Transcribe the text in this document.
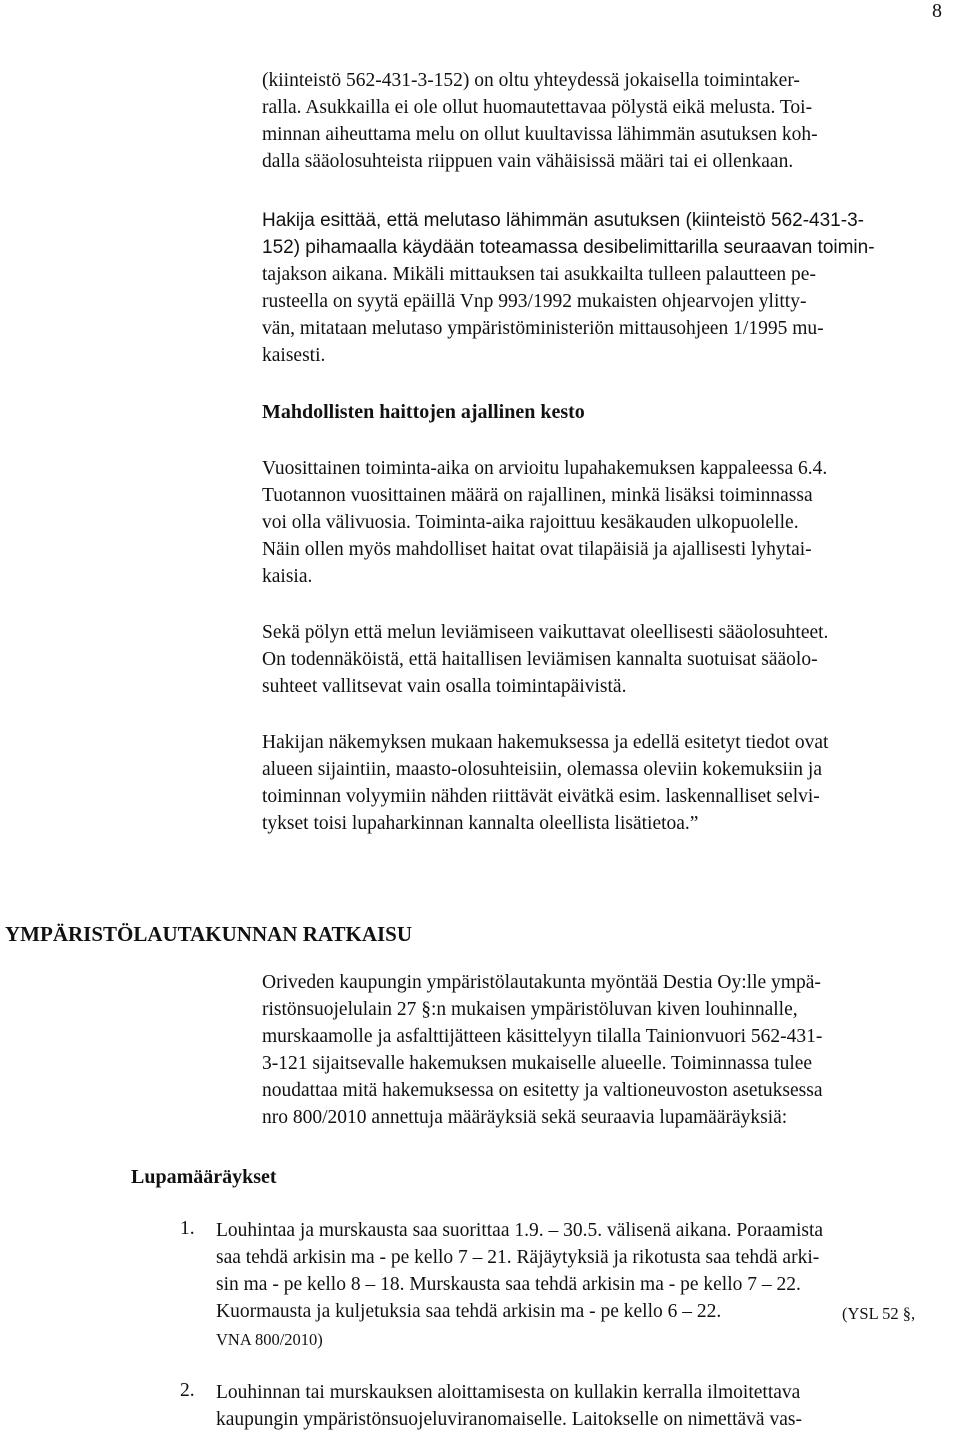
8
(kiinteistö 562-431-3-152) on oltu yhteydessä jokaisella toimintaker-
ralla. Asukkailla ei ole ollut huomautettavaa pölystä eikä melusta. Toi-
minnan aiheuttama melu on ollut kuultavissa lähimmän asutuksen koh-
dalla sääolosuhteista riippuen vain vähäisissä määri tai ei ollenkaan.
Hakija esittää, että melutaso lähimmän asutuksen (kiinteistö 562-431-3-
152) pihamaalla käydään toteamassa desibelimittarilla seuraavan toimin-
tajakson aikana. Mikäli mittauksen tai asukkailta tulleen palautteen pe-
rusteella on syytä epäillä Vnp 993/1992 mukaisten ohjearvojen ylitty-
vän, mitataan melutaso ympäristöministeriön mittausohjeen 1/1995 mu-
kaisesti.
Mahdollisten haittojen ajallinen kesto
Vuosittainen toiminta-aika on arvioitu lupahakemuksen kappaleessa 6.4.
Tuotannon vuosittainen määrä on rajallinen, minkä lisäksi toiminnassa
voi olla välivuosia. Toiminta-aika rajoittuu kesäkauden ulkopuolelle.
Näin ollen myös mahdolliset haitat ovat tilapäisiä ja ajallisesti lyhytai-
kaisia.
Sekä pölyn että melun leviämiseen vaikuttavat oleellisesti sääolosuhteet.
On todennäköistä, että haitallisen leviämisen kannalta suotuisat sääolo-
suhteet vallitsevat vain osalla toimintapäivistä.
Hakijan näkemyksen mukaan hakemuksessa ja edellä esitetyt tiedot ovat
alueen sijaintiin, maasto-olosuhteisiin, olemassa oleviin kokemuksiin ja
toiminnan volyymiin nähden riittävät eivätkä esim. laskennalliset selvi-
tykset toisi lupaharkinnan kannalta oleellista lisätietoa.”
YMPÄRISTÖLAUTAKUNNAN RATKAISU
Oriveden kaupungin ympäristölautakunta myöntää Destia Oy:lle ympä-
ristönsuojelulain 27 §:n mukaisen ympäristöluvan kiven louhinnalle,
murskaamolle ja asfalttijätteen käsittelyyn tilalla Tainionvuori 562-431-
3-121 sijaitsevalle hakemuksen mukaiselle alueelle. Toiminnassa tulee
noudattaa mitä hakemuksessa on esitetty ja valtioneuvoston asetuksessa
nro 800/2010 annettuja määräyksiä sekä seuraavia lupamääräyksiä:
Lupamääräykset
1. Louhintaa ja murskausta saa suorittaa 1.9. – 30.5. välisenä aikana. Poraamista
saa tehdä arkisin ma - pe kello 7 – 21. Räjäytyksiä ja rikotusta saa tehdä arki-
sin ma - pe kello 8 – 18. Murskausta saa tehdä arkisin ma - pe kello 7 – 22.
Kuormausta ja kuljetuksia saa tehdä arkisin ma - pe kello 6 – 22.	(YSL 52 §,
VNA 800/2010)
2. Louhinnan tai murskauksen aloittamisesta on kullakin kerralla ilmoitettava
kaupungin ympäristönsuojeluviranomaiselle. Laitokselle on nimettävä vas-
